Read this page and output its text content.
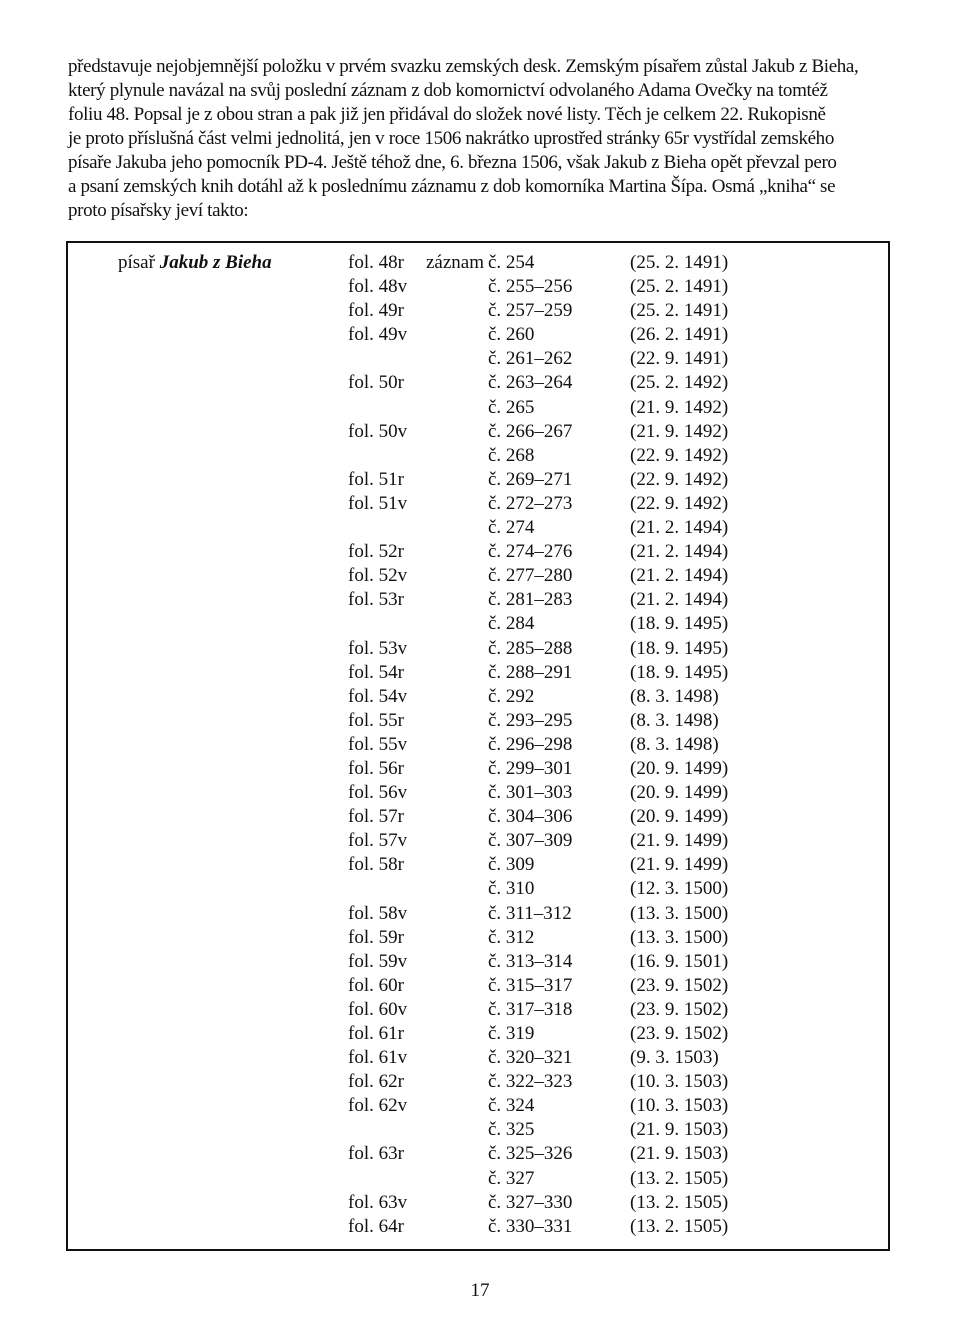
představuje nejobjemnější položku v prvém svazku zemských desk. Zemským písařem zůstal Jakub z Bieha,
který plynule navázal na svůj poslední záznam z dob komornictví odvolaného Adama Ovečky na tomtéž
foliu 48. Popsal je z obou stran a pak již jen přidával do složek nové listy. Těch je celkem 22. Rukopisně
je proto příslušná část velmi jednolitá, jen v roce 1506 nakrátko uprostřed stránky 65r vystřídal zemského
písaře Jakuba jeho pomocník PD-4. Ještě téhož dne, 6. března 1506, však Jakub z Bieha opět převzal pero
a psaní zemských knih dotáhl až k poslednímu záznamu z dob komorníka Martina Šípa. Osmá „kniha“ se
proto písařsky jeví takto:
písař Jakub z Bieha	fol. 48r záznam č. 254	(25. 2. 1491)
fol. 48v	č. 255–256	(25. 2. 1491)
fol. 49r	č. 257–259	(25. 2. 1491)
fol. 49v	č. 260	(26. 2. 1491)
č. 261–262	(22. 9. 1491)
fol. 50r	č. 263–264	(25. 2. 1492)
č. 265	(21. 9. 1492)
fol. 50v	č. 266–267	(21. 9. 1492)
č. 268	(22. 9. 1492)
fol. 51r	č. 269–271	(22. 9. 1492)
fol. 51v	č. 272–273	(22. 9. 1492)
č. 274	(21. 2. 1494)
fol. 52r	č. 274–276	(21. 2. 1494)
fol. 52v	č. 277–280	(21. 2. 1494)
fol. 53r	č. 281–283	(21. 2. 1494)
č. 284	(18. 9. 1495)
fol. 53v	č. 285–288	(18. 9. 1495)
fol. 54r	č. 288–291	(18. 9. 1495)
fol. 54v	č. 292	(8. 3. 1498)
fol. 55r	č. 293–295	(8. 3. 1498)
fol. 55v	č. 296–298	(8. 3. 1498)
fol. 56r	č. 299–301	(20. 9. 1499)
fol. 56v	č. 301–303	(20. 9. 1499)
fol. 57r	č. 304–306	(20. 9. 1499)
fol. 57v	č. 307–309	(21. 9. 1499)
fol. 58r	č. 309	(21. 9. 1499)
č. 310	(12. 3. 1500)
fol. 58v	č. 311–312	(13. 3. 1500)
fol. 59r	č. 312	(13. 3. 1500)
fol. 59v	č. 313–314	(16. 9. 1501)
fol. 60r	č. 315–317	(23. 9. 1502)
fol. 60v	č. 317–318	(23. 9. 1502)
fol. 61r	č. 319	(23. 9. 1502)
fol. 61v	č. 320–321	(9. 3. 1503)
fol. 62r	č. 322–323	(10. 3. 1503)
fol. 62v	č. 324	(10. 3. 1503)
č. 325	(21. 9. 1503)
fol. 63r	č. 325–326	(21. 9. 1503)
č. 327	(13. 2. 1505)
fol. 63v	č. 327–330	(13. 2. 1505)
fol. 64r	č. 330–331	(13. 2. 1505)
17
